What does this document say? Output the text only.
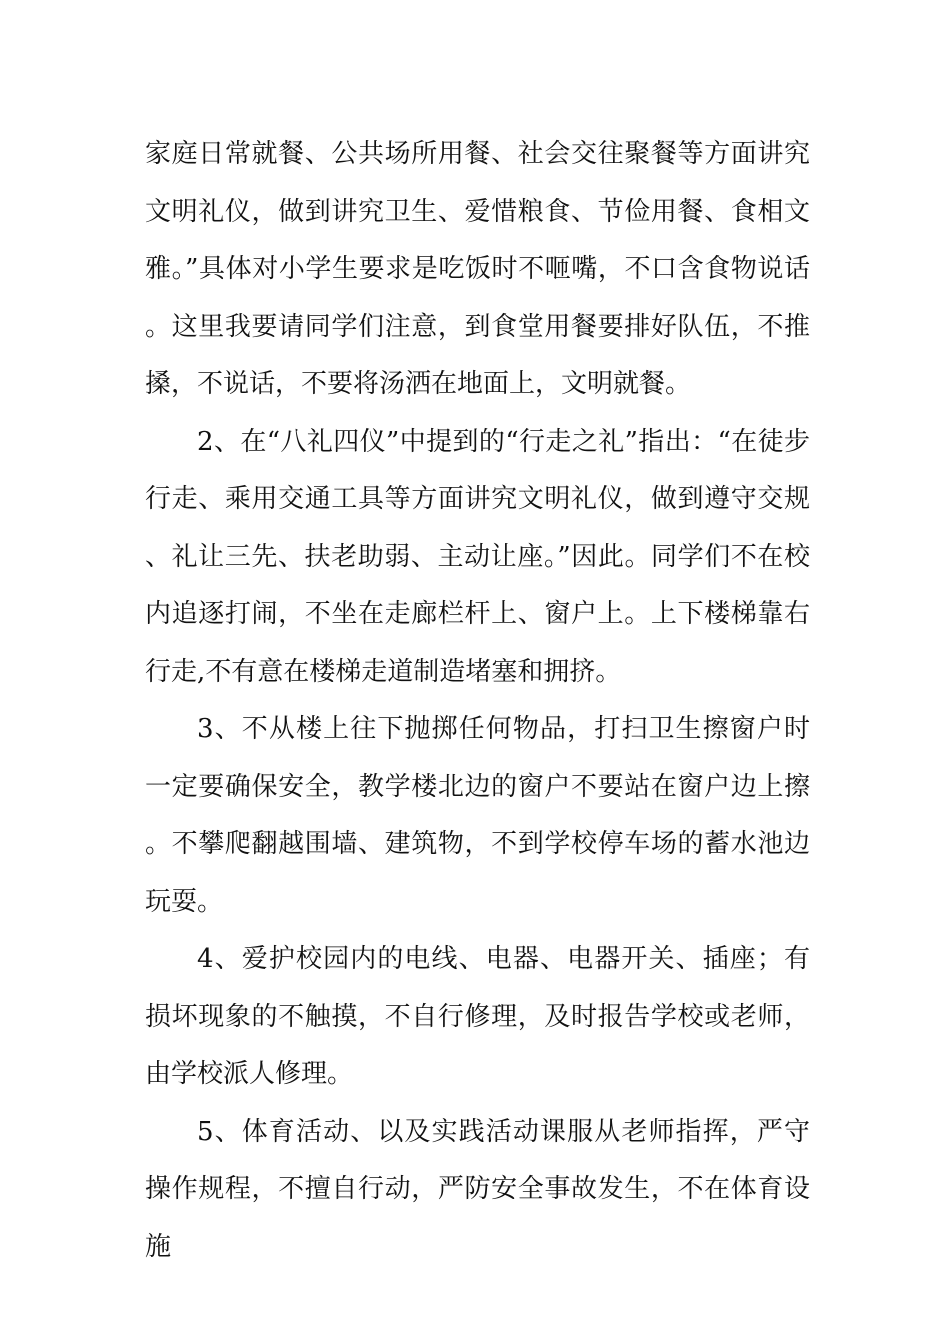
家庭日常就餐、公共场所用餐、社会交往聚餐等方面讲究文明礼仪，做到讲究卫生、爱惜粮食、节俭用餐、食相文雅。”具体对小学生要求是吃饭时不咂嘴，不口含食物说话。这里我要请同学们注意，到食堂用餐要排好队伍，不推搡，不说话，不要将汤洒在地面上，文明就餐。

2、在“八礼四仪”中提到的“行走之礼”指出：“在徒步行走、乘用交通工具等方面讲究文明礼仪，做到遵守交规、礼让三先、扶老助弱、主动让座。”因此。同学们不在校内追逐打闹，不坐在走廊栏杆上、窗户上。上下楼梯靠右行走,不有意在楼梯走道制造堵塞和拥挤。

3、不从楼上往下抛掷任何物品，打扫卫生擦窗户时一定要确保安全，教学楼北边的窗户不要站在窗户边上擦。不攀爬翻越围墙、建筑物，不到学校停车场的蓄水池边玩耍。

4、爱护校园内的电线、电器、电器开关、插座；有损坏现象的不触摸，不自行修理，及时报告学校或老师，由学校派人修理。

5、体育活动、以及实践活动课服从老师指挥，严守操作规程，不擅自行动，严防安全事故发生，不在体育设施
